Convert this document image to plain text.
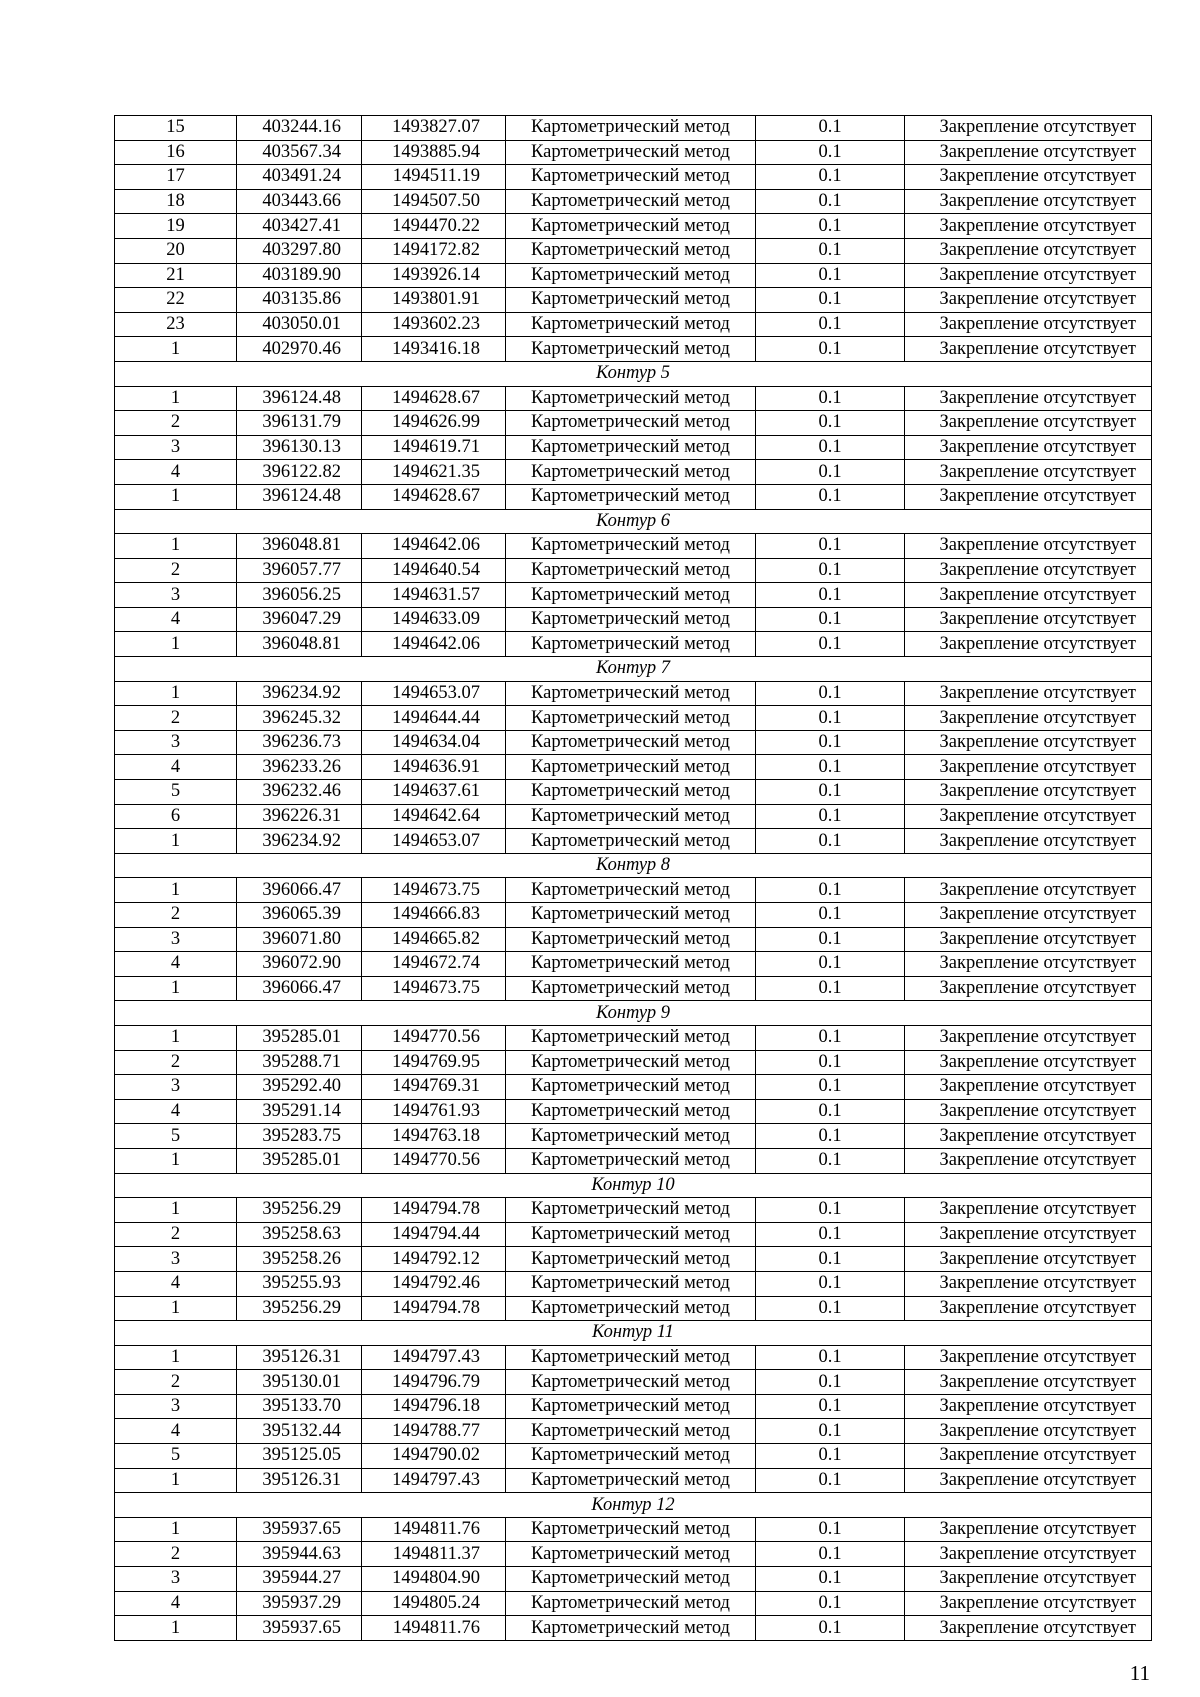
15	403244.16	1493827.07	Картометрический метод	0.1	Закрепление отсутствует
16	403567.34	1493885.94	Картометрический метод	0.1	Закрепление отсутствует
17	403491.24	1494511.19	Картометрический метод	0.1	Закрепление отсутствует
18	403443.66	1494507.50	Картометрический метод	0.1	Закрепление отсутствует
19	403427.41	1494470.22	Картометрический метод	0.1	Закрепление отсутствует
20	403297.80	1494172.82	Картометрический метод	0.1	Закрепление отсутствует
21	403189.90	1493926.14	Картометрический метод	0.1	Закрепление отсутствует
22	403135.86	1493801.91	Картометрический метод	0.1	Закрепление отсутствует
23	403050.01	1493602.23	Картометрический метод	0.1	Закрепление отсутствует
1	402970.46	1493416.18	Картометрический метод	0.1	Закрепление отсутствует
Контур 5					
1	396124.48	1494628.67	Картометрический метод	0.1	Закрепление отсутствует
2	396131.79	1494626.99	Картометрический метод	0.1	Закрепление отсутствует
3	396130.13	1494619.71	Картометрический метод	0.1	Закрепление отсутствует
4	396122.82	1494621.35	Картометрический метод	0.1	Закрепление отсутствует
1	396124.48	1494628.67	Картометрический метод	0.1	Закрепление отсутствует
Контур 6					
1	396048.81	1494642.06	Картометрический метод	0.1	Закрепление отсутствует
2	396057.77	1494640.54	Картометрический метод	0.1	Закрепление отсутствует
3	396056.25	1494631.57	Картометрический метод	0.1	Закрепление отсутствует
4	396047.29	1494633.09	Картометрический метод	0.1	Закрепление отсутствует
1	396048.81	1494642.06	Картометрический метод	0.1	Закрепление отсутствует
Контур 7					
1	396234.92	1494653.07	Картометрический метод	0.1	Закрепление отсутствует
2	396245.32	1494644.44	Картометрический метод	0.1	Закрепление отсутствует
3	396236.73	1494634.04	Картометрический метод	0.1	Закрепление отсутствует
4	396233.26	1494636.91	Картометрический метод	0.1	Закрепление отсутствует
5	396232.46	1494637.61	Картометрический метод	0.1	Закрепление отсутствует
6	396226.31	1494642.64	Картометрический метод	0.1	Закрепление отсутствует
1	396234.92	1494653.07	Картометрический метод	0.1	Закрепление отсутствует
Контур 8					
1	396066.47	1494673.75	Картометрический метод	0.1	Закрепление отсутствует
2	396065.39	1494666.83	Картометрический метод	0.1	Закрепление отсутствует
3	396071.80	1494665.82	Картометрический метод	0.1	Закрепление отсутствует
4	396072.90	1494672.74	Картометрический метод	0.1	Закрепление отсутствует
1	396066.47	1494673.75	Картометрический метод	0.1	Закрепление отсутствует
Контур 9					
1	395285.01	1494770.56	Картометрический метод	0.1	Закрепление отсутствует
2	395288.71	1494769.95	Картометрический метод	0.1	Закрепление отсутствует
3	395292.40	1494769.31	Картометрический метод	0.1	Закрепление отсутствует
4	395291.14	1494761.93	Картометрический метод	0.1	Закрепление отсутствует
5	395283.75	1494763.18	Картометрический метод	0.1	Закрепление отсутствует
1	395285.01	1494770.56	Картометрический метод	0.1	Закрепление отсутствует
Контур 10					
1	395256.29	1494794.78	Картометрический метод	0.1	Закрепление отсутствует
2	395258.63	1494794.44	Картометрический метод	0.1	Закрепление отсутствует
3	395258.26	1494792.12	Картометрический метод	0.1	Закрепление отсутствует
4	395255.93	1494792.46	Картометрический метод	0.1	Закрепление отсутствует
1	395256.29	1494794.78	Картометрический метод	0.1	Закрепление отсутствует
Контур 11					
1	395126.31	1494797.43	Картометрический метод	0.1	Закрепление отсутствует
2	395130.01	1494796.79	Картометрический метод	0.1	Закрепление отсутствует
3	395133.70	1494796.18	Картометрический метод	0.1	Закрепление отсутствует
4	395132.44	1494788.77	Картометрический метод	0.1	Закрепление отсутствует
5	395125.05	1494790.02	Картометрический метод	0.1	Закрепление отсутствует
1	395126.31	1494797.43	Картометрический метод	0.1	Закрепление отсутствует
Контур 12					
1	395937.65	1494811.76	Картометрический метод	0.1	Закрепление отсутствует
2	395944.63	1494811.37	Картометрический метод	0.1	Закрепление отсутствует
3	395944.27	1494804.90	Картометрический метод	0.1	Закрепление отсутствует
4	395937.29	1494805.24	Картометрический метод	0.1	Закрепление отсутствует
1	395937.65	1494811.76	Картометрический метод	0.1	Закрепление отсутствует
11
